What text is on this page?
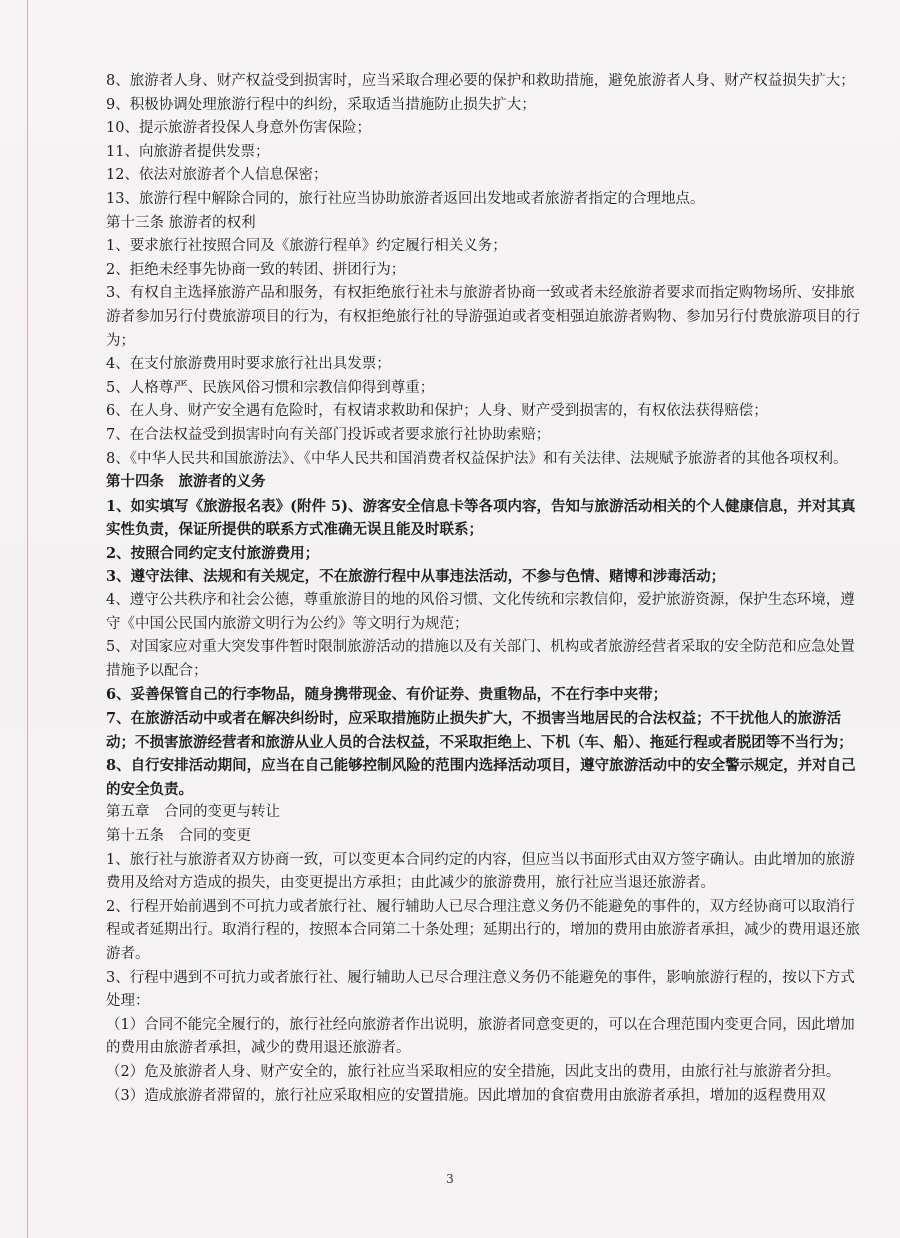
8、旅游者人身、财产权益受到损害时，应当采取合理必要的保护和救助措施，避免旅游者人身、财产权益损失扩大；

9、积极协调处理旅游行程中的纠纷，采取适当措施防止损失扩大；

10、提示旅游者投保人身意外伤害保险；

11、向旅游者提供发票；

12、依法对旅游者个人信息保密；

13、旅游行程中解除合同的，旅行社应当协助旅游者返回出发地或者旅游者指定的合理地点。

第十三条 旅游者的权利

1、要求旅行社按照合同及《旅游行程单》约定履行相关义务；

2、拒绝未经事先协商一致的转团、拼团行为；

3、有权自主选择旅游产品和服务，有权拒绝旅行社未与旅游者协商一致或者未经旅游者要求而指定购物场所、安排旅游者参加另行付费旅游项目的行为，有权拒绝旅行社的导游强迫或者变相强迫旅游者购物、参加另行付费旅游项目的行为；

4、在支付旅游费用时要求旅行社出具发票；

5、人格尊严、民族风俗习惯和宗教信仰得到尊重；

6、在人身、财产安全遇有危险时，有权请求救助和保护；人身、财产受到损害的，有权依法获得赔偿；

7、在合法权益受到损害时向有关部门投诉或者要求旅行社协助索赔；

8、《中华人民共和国旅游法》、《中华人民共和国消费者权益保护法》和有关法律、法规赋予旅游者的其他各项权利。

第十四条　旅游者的义务

1、如实填写《旅游报名表》(附件 5)、游客安全信息卡等各项内容，告知与旅游活动相关的个人健康信息，并对其真实性负责，保证所提供的联系方式准确无误且能及时联系；

2、按照合同约定支付旅游费用；

3、遵守法律、法规和有关规定，不在旅游行程中从事违法活动，不参与色情、赌博和涉毒活动；

4、遵守公共秩序和社会公德，尊重旅游目的地的风俗习惯、文化传统和宗教信仰，爱护旅游资源，保护生态环境，遵守《中国公民国内旅游文明行为公约》等文明行为规范；

5、对国家应对重大突发事件暂时限制旅游活动的措施以及有关部门、机构或者旅游经营者采取的安全防范和应急处置措施予以配合；

6、妥善保管自己的行李物品，随身携带现金、有价证券、贵重物品，不在行李中夹带；

7、在旅游活动中或者在解决纠纷时，应采取措施防止损失扩大，不损害当地居民的合法权益；不干扰他人的旅游活动；不损害旅游经营者和旅游从业人员的合法权益，不采取拒绝上、下机（车、船）、拖延行程或者脱团等不当行为；

8、自行安排活动期间，应当在自己能够控制风险的范围内选择活动项目，遵守旅游活动中的安全警示规定，并对自己的安全负责。

第五章　合同的变更与转让

第十五条　合同的变更

1、旅行社与旅游者双方协商一致，可以变更本合同约定的内容，但应当以书面形式由双方签字确认。由此增加的旅游费用及给对方造成的损失，由变更提出方承担；由此减少的旅游费用，旅行社应当退还旅游者。

2、行程开始前遇到不可抗力或者旅行社、履行辅助人已尽合理注意义务仍不能避免的事件的，双方经协商可以取消行程或者延期出行。取消行程的，按照本合同第二十条处理；延期出行的，增加的费用由旅游者承担，减少的费用退还旅游者。

3、行程中遇到不可抗力或者旅行社、履行辅助人已尽合理注意义务仍不能避免的事件，影响旅游行程的，按以下方式处理：

（1）合同不能完全履行的，旅行社经向旅游者作出说明，旅游者同意变更的，可以在合理范围内变更合同，因此增加的费用由旅游者承担，减少的费用退还旅游者。

（2）危及旅游者人身、财产安全的，旅行社应当采取相应的安全措施，因此支出的费用，由旅行社与旅游者分担。

（3）造成旅游者滞留的，旅行社应采取相应的安置措施。因此增加的食宿费用由旅游者承担，增加的返程费用双

3
